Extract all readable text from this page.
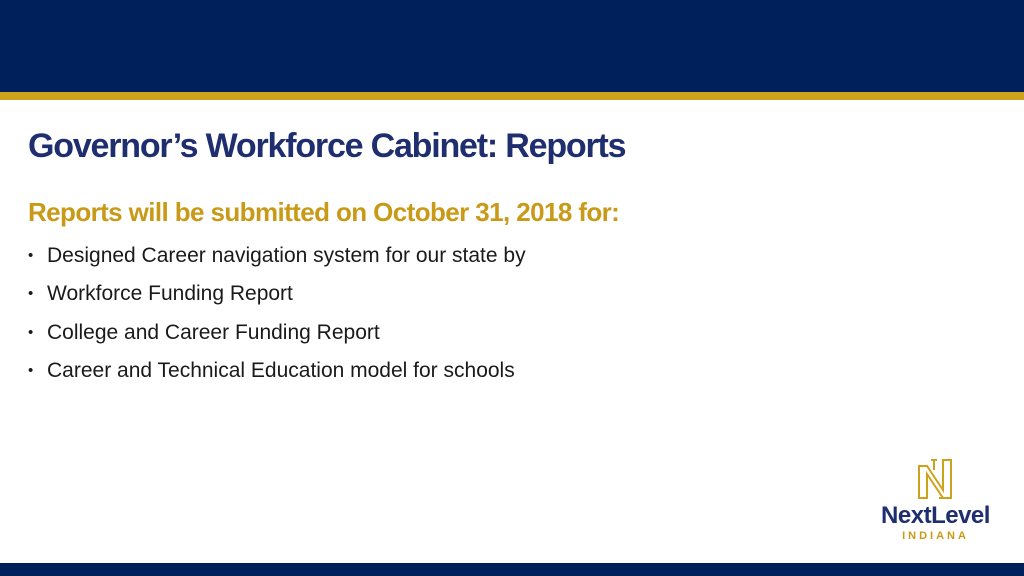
Governor’s Workforce Cabinet: Reports
Reports will be submitted on October 31, 2018 for:
• Designed Career navigation system for our state by
• Workforce Funding Report
• College and Career Funding Report
• Career and Technical Education model for schools
NextLevel
INDIANA
